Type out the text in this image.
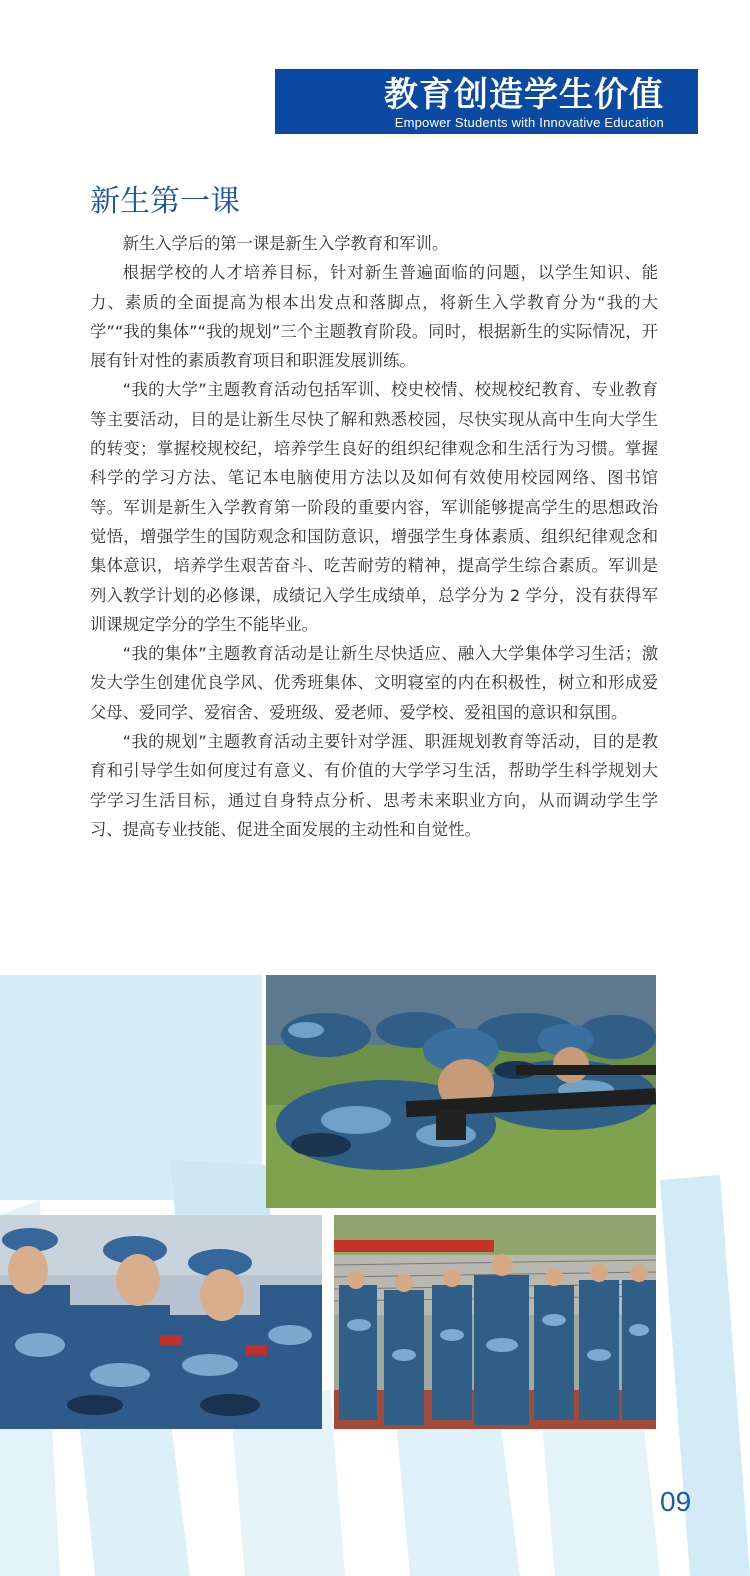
教育创造学生价值
Empower Students with Innovative Education
新生第一课

新生入学后的第一课是新生入学教育和军训。

根据学校的人才培养目标，针对新生普遍面临的问题，以学生知识、能力、素质的全面提高为根本出发点和落脚点，将新生入学教育分为“我的大学”“我的集体”“我的规划”三个主题教育阶段。同时，根据新生的实际情况，开展有针对性的素质教育项目和职涯发展训练。

“我的大学”主题教育活动包括军训、校史校情、校规校纪教育、专业教育等主要活动，目的是让新生尽快了解和熟悉校园，尽快实现从高中生向大学生的转变；掌握校规校纪，培养学生良好的组织纪律观念和生活行为习惯。掌握科学的学习方法、笔记本电脑使用方法以及如何有效使用校园网络、图书馆等。军训是新生入学教育第一阶段的重要内容，军训能够提高学生的思想政治觉悟，增强学生的国防观念和国防意识，增强学生身体素质、组织纪律观念和集体意识，培养学生艰苦奋斗、吃苦耐劳的精神，提高学生综合素质。军训是列入教学计划的必修课，成绩记入学生成绩单，总学分为 2 学分，没有获得军训课规定学分的学生不能毕业。

“我的集体”主题教育活动是让新生尽快适应、融入大学集体学习生活；激发大学生创建优良学风、优秀班集体、文明寝室的内在积极性，树立和形成爱父母、爱同学、爱宿舍、爱班级、爱老师、爱学校、爱祖国的意识和氛围。

“我的规划”主题教育活动主要针对学涯、职涯规划教育等活动，目的是教育和引导学生如何度过有意义、有价值的大学学习生活，帮助学生科学规划大学学习生活目标，通过自身特点分析、思考未来职业方向，从而调动学生学习、提高专业技能、促进全面发展的主动性和自觉性。

09
